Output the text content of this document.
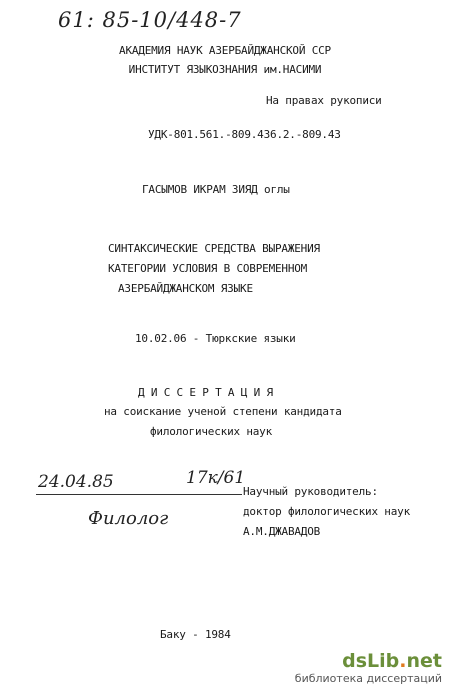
61: 85-10/448-7
АКАДЕМИЯ НАУК АЗЕРБАЙДЖАНСКОЙ ССР
ИНСТИТУТ ЯЗЫКОЗНАНИЯ им.НАСИМИ
На правах рукописи
УДК-801.561.-809.436.2.-809.43
ГАСЫМОВ ИКРАМ ЗИЯД оглы
СИНТАКСИЧЕСКИЕ СРЕДСТВА ВЫРАЖЕНИЯ
КАТЕГОРИИ УСЛОВИЯ В СОВРЕМЕННОМ
АЗЕРБАЙДЖАНСКОМ ЯЗЫКЕ
10.02.06 - Тюркские языки
Д И С С Е Р Т А Ц И Я
на соискание ученой степени кандидата
филологических наук
24.04.85	17к/61
Филолог
Научный руководитель:
доктор филологических наук
А.М.ДЖАВАДОВ
Баку - 1984
dsLib.net
библиотека диссертаций
